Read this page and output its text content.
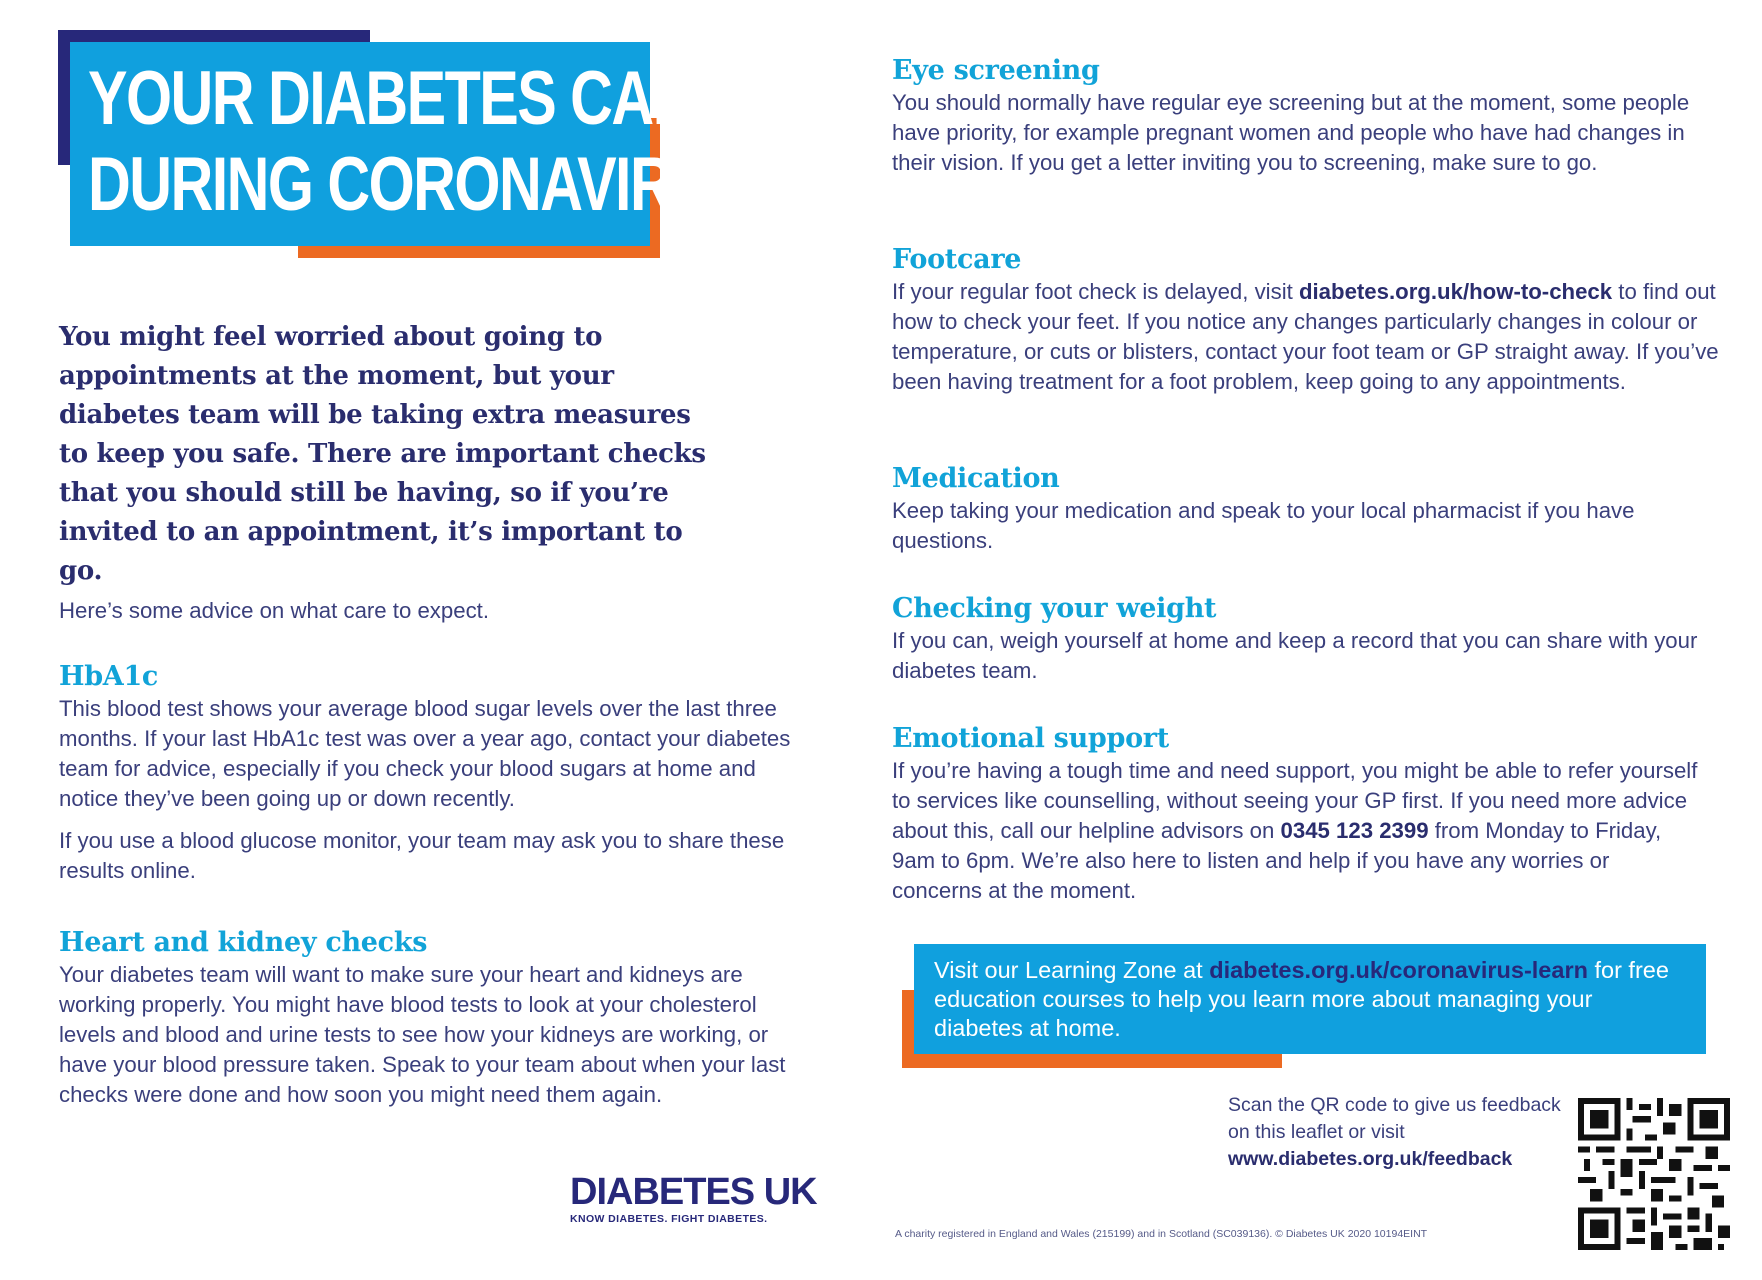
YOUR DIABETES CARE
DURING CORONAVIRUS
You might feel worried about going to appointments at the moment, but your diabetes team will be taking extra measures to keep you safe. There are important checks that you should still be having, so if you’re invited to an appointment, it’s important to go.
Here’s some advice on what care to expect.
HbA1c
This blood test shows your average blood sugar levels over the last three months. If your last HbA1c test was over a year ago, contact your diabetes team for advice, especially if you check your blood sugars at home and notice they’ve been going up or down recently.
If you use a blood glucose monitor, your team may ask you to share these results online.
Heart and kidney checks
Your diabetes team will want to make sure your heart and kidneys are working properly. You might have blood tests to look at your cholesterol levels and blood and urine tests to see how your kidneys are working, or have your blood pressure taken. Speak to your team about when your last checks were done and how soon you might need them again.
Eye screening
You should normally have regular eye screening but at the moment, some people have priority, for example pregnant women and people who have had changes in their vision. If you get a letter inviting you to screening, make sure to go.
Footcare
If your regular foot check is delayed, visit diabetes.org.uk/how-to-check to find out how to check your feet. If you notice any changes particularly changes in colour or temperature, or cuts or blisters, contact your foot team or GP straight away. If you’ve been having treatment for a foot problem, keep going to any appointments.
Medication
Keep taking your medication and speak to your local pharmacist if you have questions.
Checking your weight
If you can, weigh yourself at home and keep a record that you can share with your diabetes team.
Emotional support
If you’re having a tough time and need support, you might be able to refer yourself to services like counselling, without seeing your GP first. If you need more advice about this, call our helpline advisors on 0345 123 2399 from Monday to Friday, 9am to 6pm. We’re also here to listen and help if you have any worries or concerns at the moment.
Visit our Learning Zone at diabetes.org.uk/coronavirus-learn for free education courses to help you learn more about managing your diabetes at home.
Scan the QR code to give us feedback on this leaflet or visit
www.diabetes.org.uk/feedback
DIABETES UK
KNOW DIABETES. FIGHT DIABETES.
A charity registered in England and Wales (215199) and in Scotland (SC039136). © Diabetes UK 2020 10194EINT
